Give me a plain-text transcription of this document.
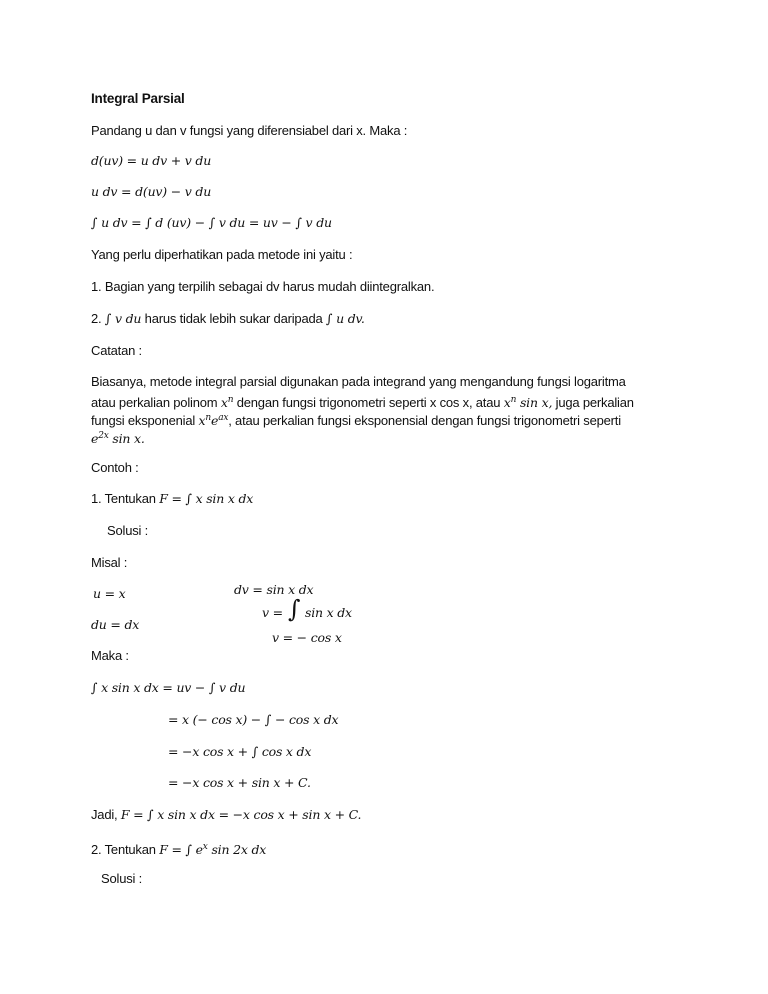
Integral Parsial
Pandang u dan v fungsi yang diferensiabel dari x. Maka :
d(uv) = u dv + v du
u dv = d(uv) − v du
∫ u dv = ∫ d (uv) − ∫ v du = uv − ∫ v du
Yang perlu diperhatikan pada metode ini yaitu :
1. Bagian yang terpilih sebagai dv harus mudah diintegralkan.
2. ∫ v du harus tidak lebih sukar daripada ∫ u dv.
Catatan :
Biasanya, metode integral parsial digunakan pada integrand yang mengandung fungsi logaritma
atau perkalian polinom $x^n$ dengan fungsi trigonometri seperti x cos x, atau $x^n$ sin x, juga perkalian
fungsi eksponenial $x^ne^{ax}$, atau perkalian fungsi eksponensial dengan fungsi trigonometri seperti
$e^{2x}$ sin x.
Contoh :
1. Tentukan F = ∫ x sin x dx
Solusi :
Misal :
u = x	dv = sin x dx
v = ∫ sin x dx
du = dx
v = − cos x
Maka :
∫ x sin x dx = uv − ∫ v du
= x (− cos x) − ∫ − cos x dx
= −x cos x + ∫ cos x dx
= −x cos x + sin x + C.
Jadi, F = ∫ x sin x dx = −x cos x + sin x + C.
2. Tentukan F = ∫ $e^x$ sin 2x dx
Solusi :
